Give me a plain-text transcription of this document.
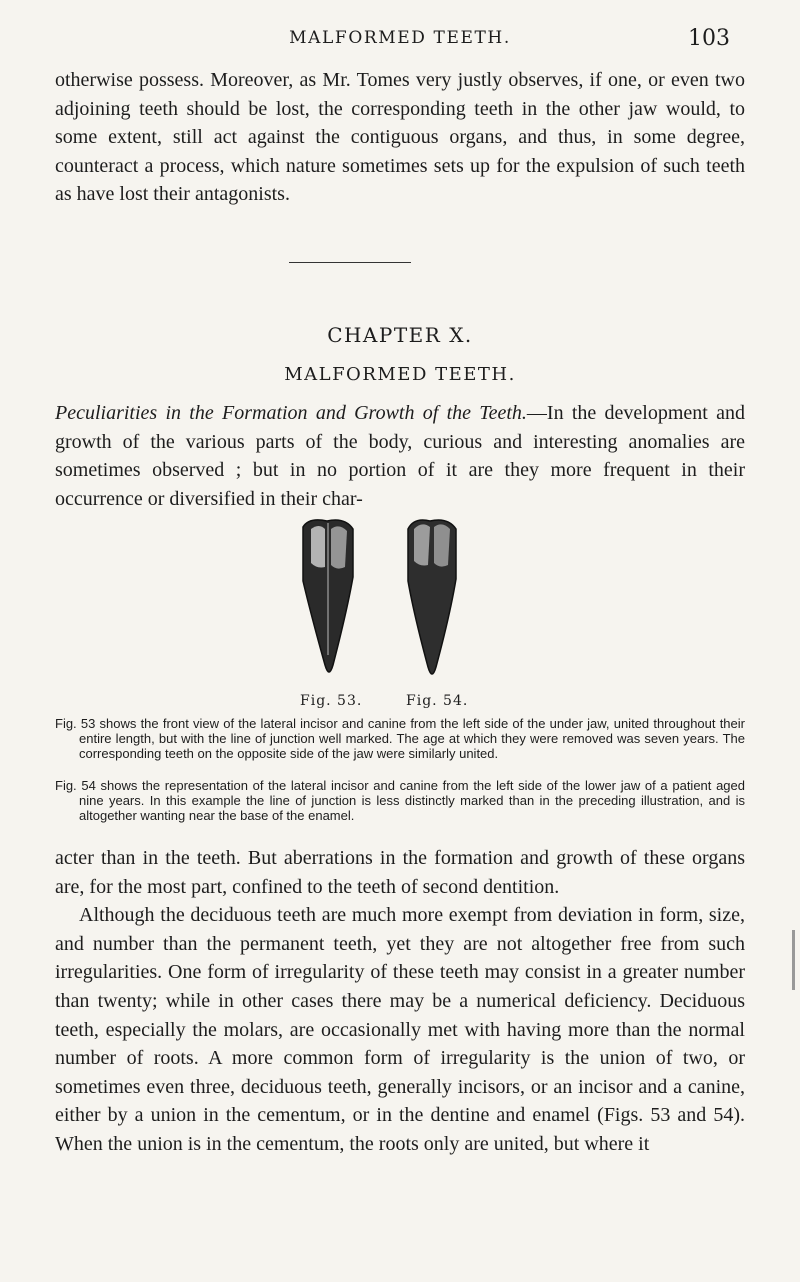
MALFORMED TEETH.	103

otherwise possess. Moreover, as Mr. Tomes very justly observes, if one, or even two adjoining teeth should be lost, the corresponding teeth in the other jaw would, to some extent, still act against the contiguous organs, and thus, in some degree, counteract a process, which nature sometimes sets up for the expulsion of such teeth as have lost their antagonists.

CHAPTER X.
MALFORMED TEETH.

Peculiarities in the Formation and Growth of the Teeth.—In the development and growth of the various parts of the body, curious and interesting anomalies are sometimes observed ; but in no portion of it are they more frequent in their occurrence or diversified in their char-

Fig. 53.	Fig. 54.

Fig. 53 shows the front view of the lateral incisor and canine from the left side of the under jaw, united throughout their entire length, but with the line of junction well marked. The age at which they were removed was seven years. The corresponding teeth on the opposite side of the jaw were similarly united.

Fig. 54 shows the representation of the lateral incisor and canine from the left side of the lower jaw of a patient aged nine years. In this example the line of junction is less distinctly marked than in the preceding illustration, and is altogether wanting near the base of the enamel.

acter than in the teeth. But aberrations in the formation and growth of these organs are, for the most part, confined to the teeth of second dentition.
Although the deciduous teeth are much more exempt from deviation in form, size, and number than the permanent teeth, yet they are not altogether free from such irregularities. One form of irregularity of these teeth may consist in a greater number than twenty; while in other cases there may be a numerical deficiency. Deciduous teeth, especially the molars, are occasionally met with having more than the normal number of roots. A more common form of irregularity is the union of two, or sometimes even three, deciduous teeth, generally incisors, or an incisor and a canine, either by a union in the cementum, or in the dentine and enamel (Figs. 53 and 54). When the union is in the cementum, the roots only are united, but where it
